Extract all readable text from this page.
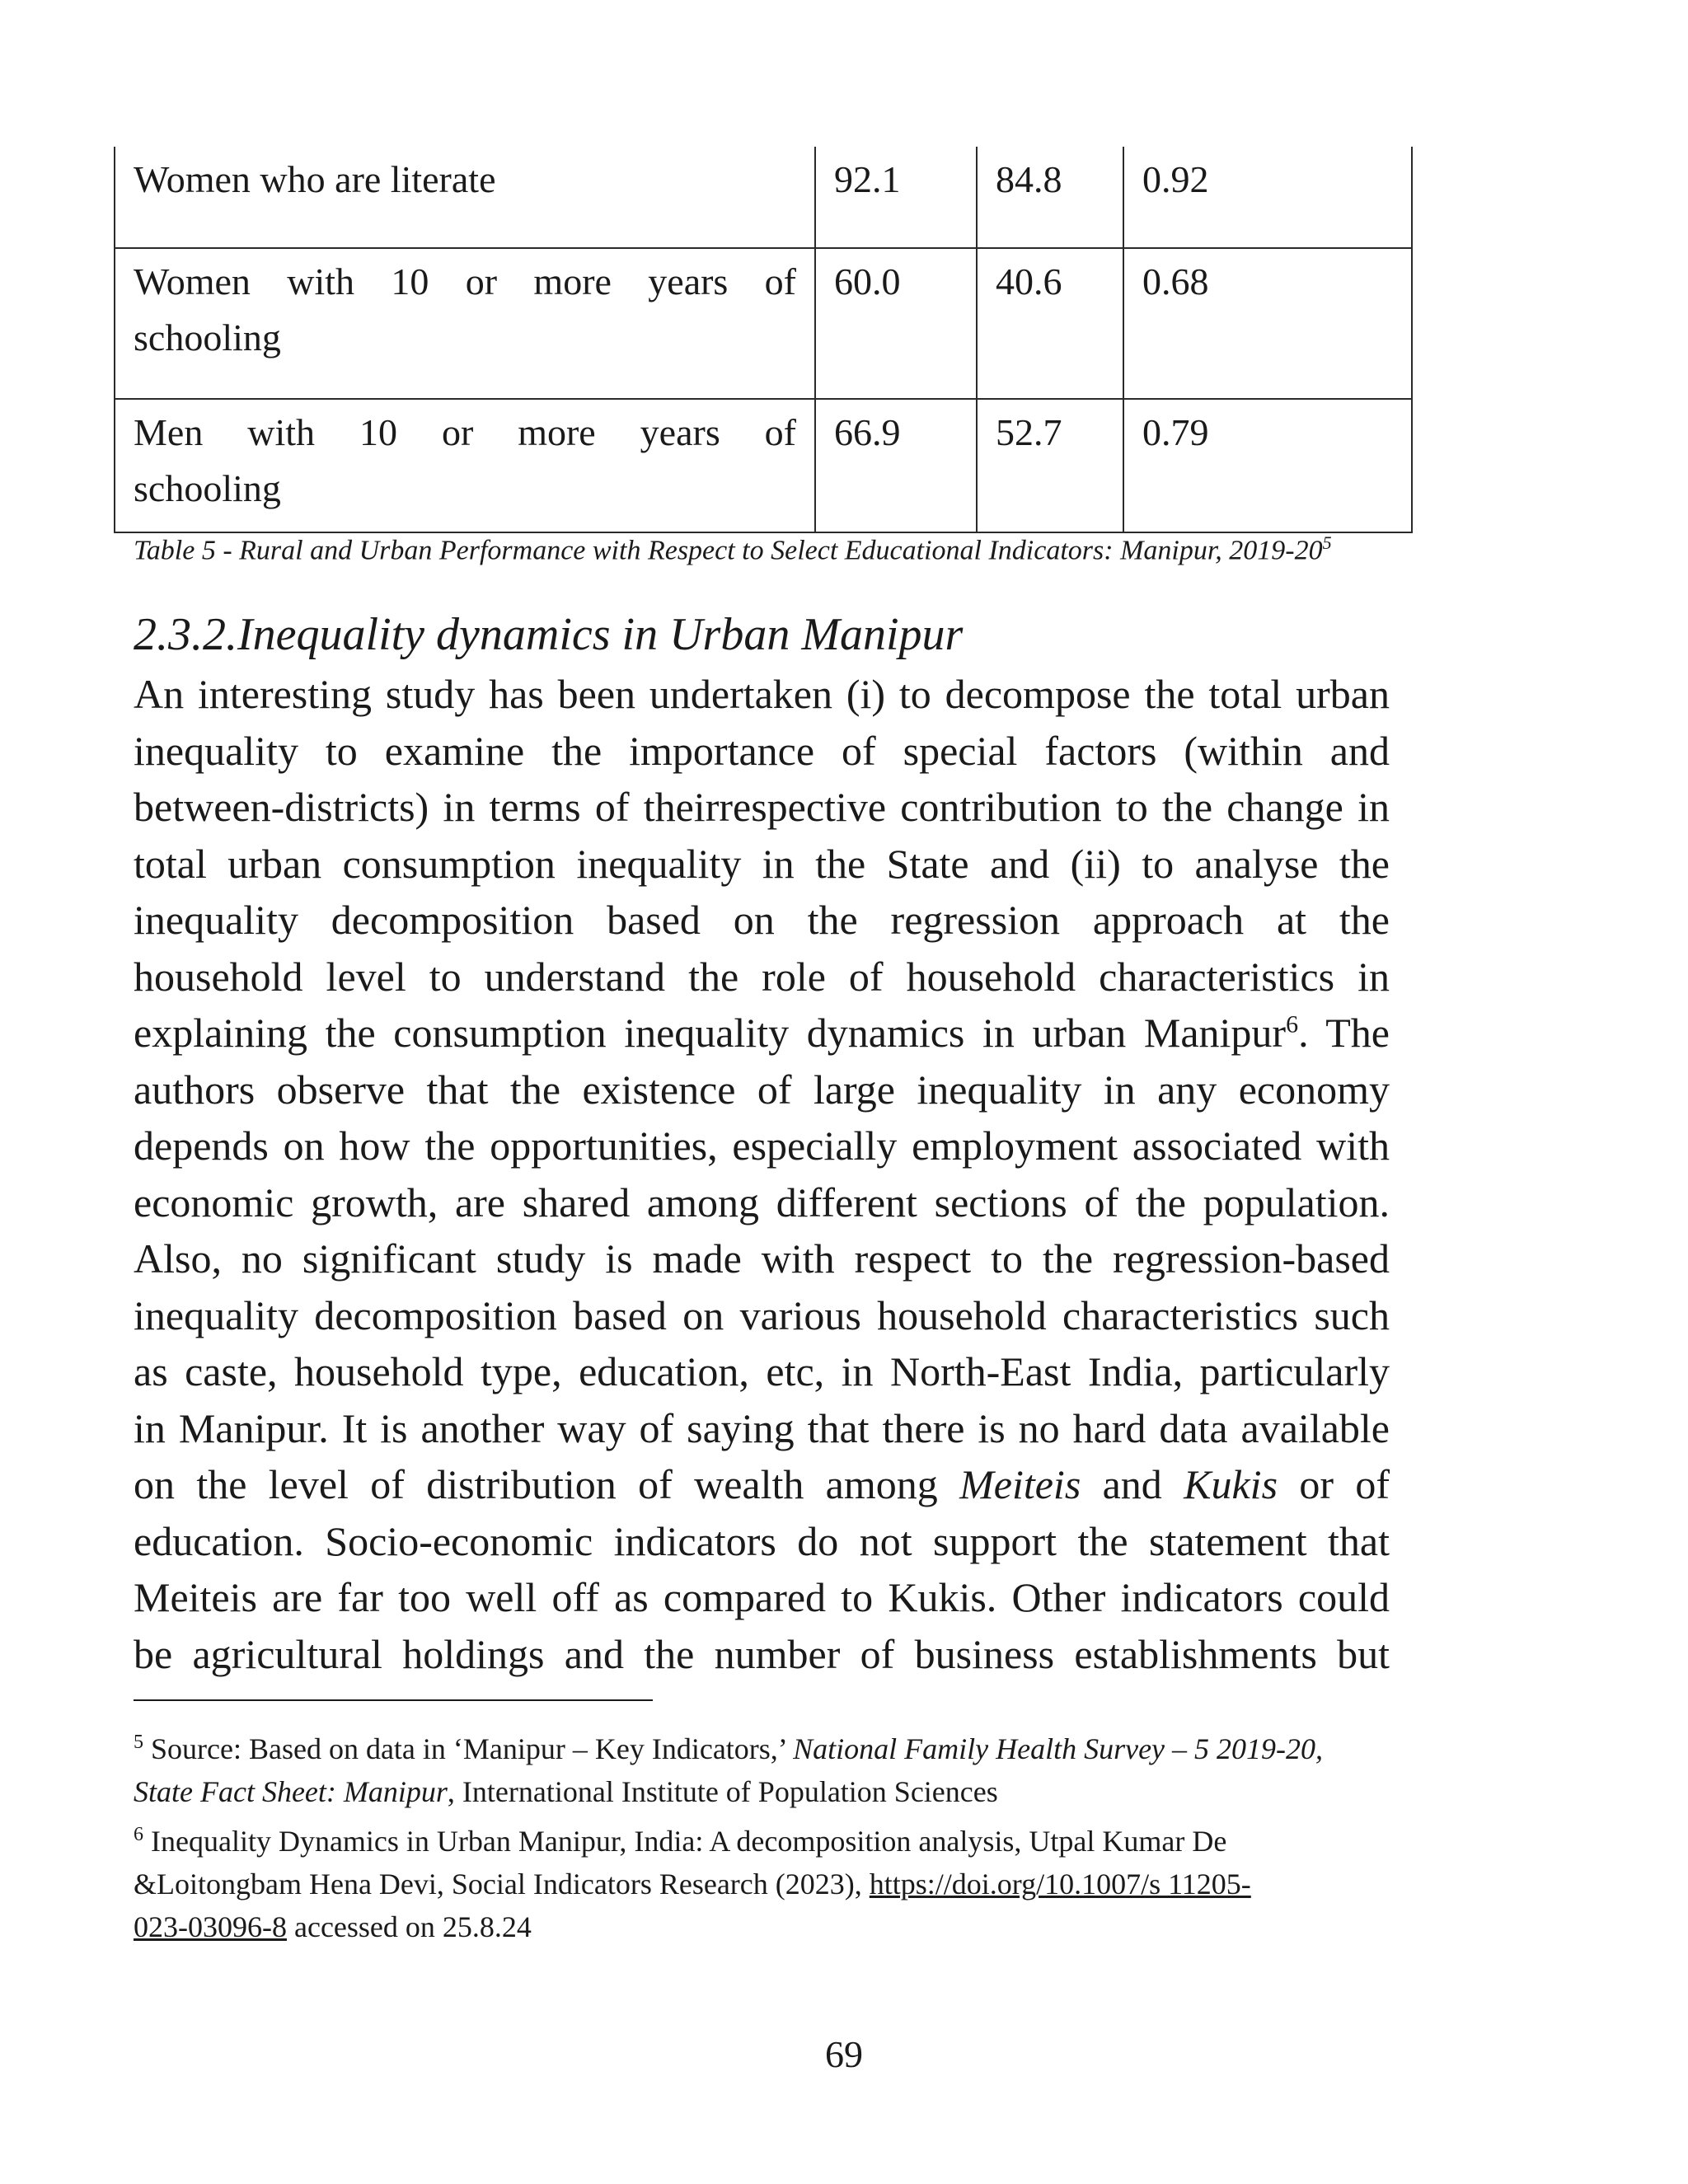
Women who are literate	92.1	84.8	0.92

Women with 10 or more years of
schooling	60.0	40.6	0.68

Men with 10 or more years of
schooling	66.9	52.7	0.79
Table 5 - Rural and Urban Performance with Respect to Select Educational Indicators: Manipur, $2019-20^5$
2.3.2.Inequality dynamics in Urban Manipur
An interesting study has been undertaken (i) to decompose the total urban
inequality to examine the importance of special factors (within and
between-districts) in terms of theirrespective contribution to the change in
total urban consumption inequality in the State and (ii) to analyse the
inequality decomposition based on the regression approach at the
household level to understand the role of household characteristics in
explaining the consumption inequality dynamics in urban Manipur$^6$. The
authors observe that the existence of large inequality in any economy
depends on how the opportunities, especially employment associated with
economic growth, are shared among different sections of the population.
Also, no significant study is made with respect to the regression-based
inequality decomposition based on various household characteristics such
as caste, household type, education, etc, in North-East India, particularly
in Manipur. It is another way of saying that there is no hard data available
on the level of distribution of wealth among Meiteis and Kukis or of
education. Socio-economic indicators do not support the statement that
Meiteis are far too well off as compared to Kukis. Other indicators could
be agricultural holdings and the number of business establishments but
$^5$ Source: Based on data in ‘Manipur – Key Indicators,’ National Family Health Survey – 5 2019-20,
State Fact Sheet: Manipur, International Institute of Population Sciences
$^6$ Inequality Dynamics in Urban Manipur, India: A decomposition analysis, Utpal Kumar De
&Loitongbam Hena Devi, Social Indicators Research (2023), https://doi.org/10.1007/s 11205-
023-03096-8 accessed on 25.8.24
69
